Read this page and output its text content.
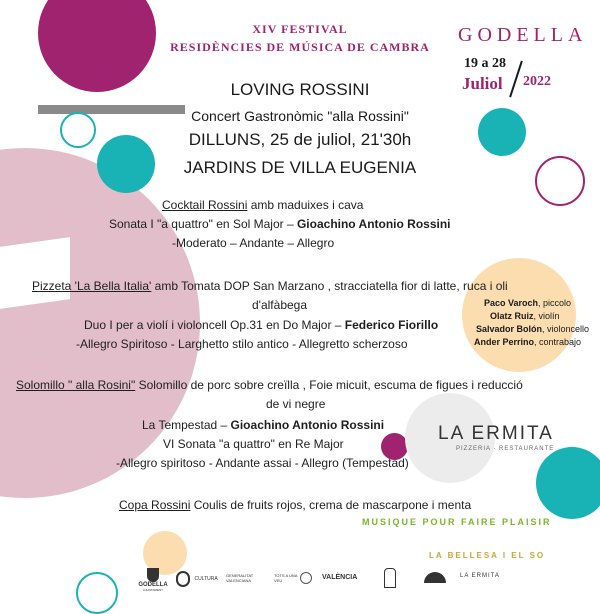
XIV FESTIVAL
RESIDÈNCIES DE MÚSICA DE CAMBRA
GODELLA
19 a 28
Juliol 2022
LOVING ROSSINI
Concert Gastronòmic "alla Rossini"
DILLUNS, 25 de juliol, 21'30h
JARDINS DE VILLA EUGENIA
Cocktail Rossini amb maduixes i cava
Sonata I "a quattro" en Sol Major – Gioachino Antonio Rossini
-Moderato – Andante – Allegro
Pizzeta 'La Bella Italia' amb Tomata DOP San Marzano , stracciatella fior di latte, ruca i oli
d'alfàbega
Duo I per a violí i violoncell Op.31 en Do Major – Federico Fiorillo
-Allegro Spiritoso - Larghetto stilo antico - Allegretto scherzoso
Solomillo " alla Rosini" Solomillo de porc sobre creïlla , Foie micuit, escuma de figues i reducció
de vi negre
La Tempestad – Gioachino Antonio Rossini
VI Sonata "a quattro" en Re Major
-Allegro spiritoso - Andante assai - Allegro (Tempestad)
Copa Rossini Coulis de fruits rojos, crema de mascarpone i menta
Paco Varoch, piccolo
Olatz Ruiz, violín
Salvador Bolón, violoncello
Ander Perrino, contrabajo
LA ERMITA
PIZZERIA · RESTAURANTE
MUSIQUE POUR FAIRE PLAISIR
LA BELLESA I EL SO
GODELLA
AJUNTAMENT
CULTURA
GENERALITAT VALENCIANA
TOTS A UNA VEU	VALÈNCIA	LA ERMITA
